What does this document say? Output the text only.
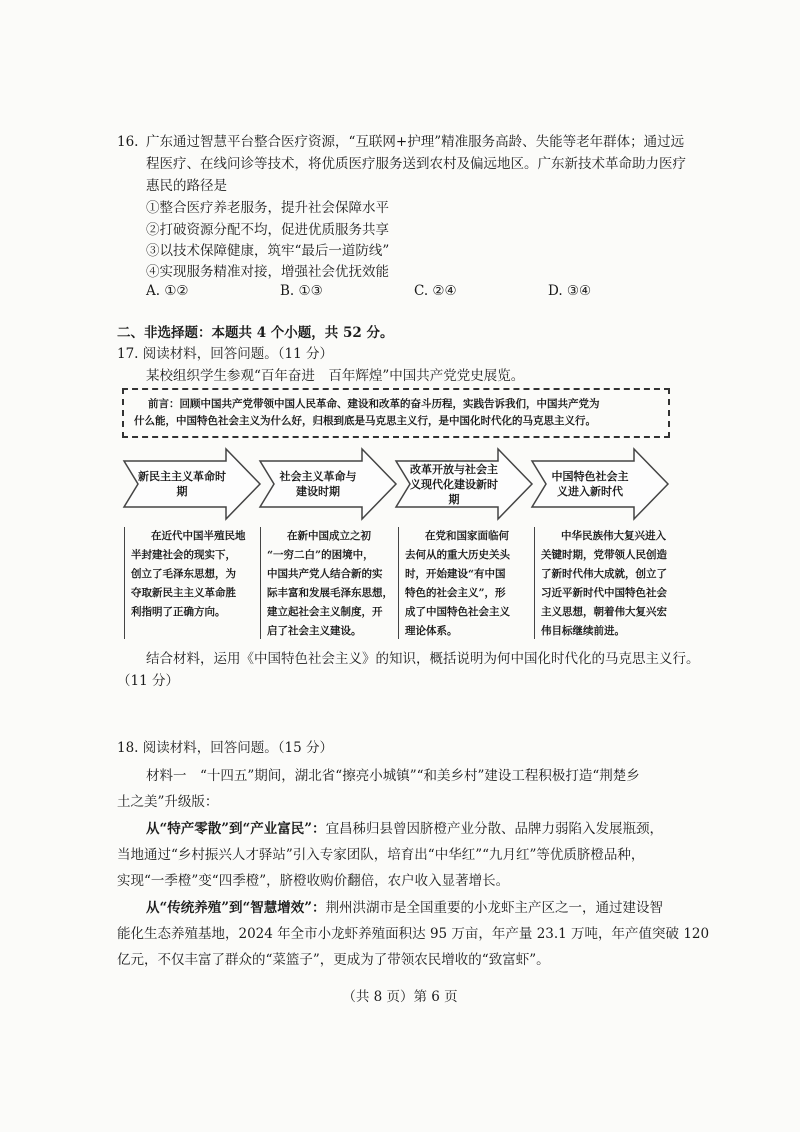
16. 广东通过智慧平台整合医疗资源，“互联网+护理”精准服务高龄、失能等老年群体；通过远
程医疗、在线问诊等技术，将优质医疗服务送到农村及偏远地区。广东新技术革命助力医疗
惠民的路径是
①整合医疗养老服务，提升社会保障水平
②打破资源分配不均，促进优质服务共享
③以技术保障健康，筑牢“最后一道防线”
④实现服务精准对接，增强社会优抚效能
A. ①②	B. ①③	C. ②④	D. ③④
二、非选择题：本题共 4 个小题，共 52 分。
17. 阅读材料，回答问题。（11 分）
某校组织学生参观“百年奋进　百年辉煌”中国共产党党史展览。
前言：回顾中国共产党带领中国人民革命、建设和改革的奋斗历程，实践告诉我们，中国共产党为
什么能，中国特色社会主义为什么好，归根到底是马克思主义行，是中国化时代化的马克思主义行。
新民主主义革命时期
社会主义革命与建设时期
改革开放与社会主义现代化建设新时期
中国特色社会主义进入新时代
在近代中国半殖民地
半封建社会的现实下，
创立了毛泽东思想，为
夺取新民主主义革命胜
利指明了正确方向。
在新中国成立之初
“一穷二白”的困境中，
中国共产党人结合新的实
际丰富和发展毛泽东思想，
建立起社会主义制度，开
启了社会主义建设。
在党和国家面临何
去何从的重大历史关头
时，开始建设“有中国
特色的社会主义”，形
成了中国特色社会主义
理论体系。
中华民族伟大复兴进入
关键时期，党带领人民创造
了新时代伟大成就，创立了
习近平新时代中国特色社会
主义思想，朝着伟大复兴宏
伟目标继续前进。
结合材料，运用《中国特色社会主义》的知识，概括说明为何中国化时代化的马克思主义行。
（11 分）
18. 阅读材料，回答问题。（15 分）
材料一　“十四五”期间，湖北省“擦亮小城镇”“和美乡村”建设工程积极打造“荆楚乡
土之美”升级版：
从“特产零散”到“产业富民”：宜昌秭归县曾因脐橙产业分散、品牌力弱陷入发展瓶颈，
当地通过“乡村振兴人才驿站”引入专家团队，培育出“中华红”“九月红”等优质脐橙品种，
实现“一季橙”变“四季橙”，脐橙收购价翻倍，农户收入显著增长。
从“传统养殖”到“智慧增效”：荆州洪湖市是全国重要的小龙虾主产区之一，通过建设智
能化生态养殖基地，2024 年全市小龙虾养殖面积达 95 万亩，年产量 23.1 万吨，年产值突破 120
亿元，不仅丰富了群众的“菜篮子”，更成为了带领农民增收的“致富虾”。
（共 8 页）第 6 页
